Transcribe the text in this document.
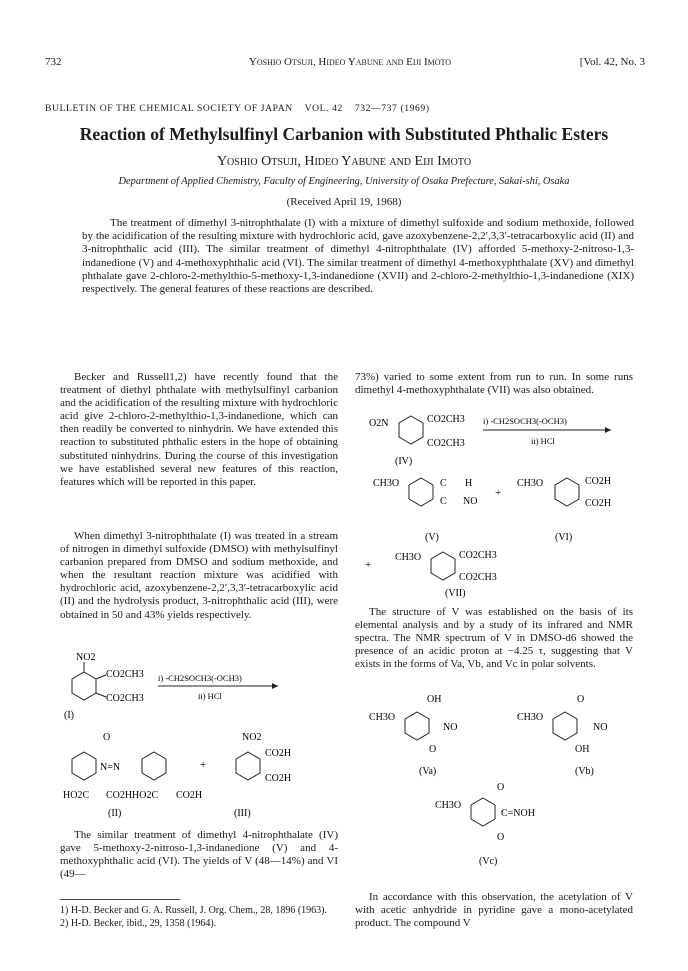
732	Yoshio Otsuji, Hideo Yabune and Eiji Imoto	[Vol. 42, No. 3
BULLETIN OF THE CHEMICAL SOCIETY OF JAPAN    VOL. 42    732—737 (1969)
Reaction of Methylsulfinyl Carbanion with Substituted Phthalic Esters
Yoshio Otsuji, Hideo Yabune and Eiji Imoto
Department of Applied Chemistry, Faculty of Engineering, University of Osaka Prefecture, Sakai-shi, Osaka
(Received April 19, 1968)

The treatment of dimethyl 3-nitrophthalate (I) with a mixture of dimethyl sulfoxide and sodium methoxide, followed by the acidification of the resulting mixture with hydrochloric acid, gave azoxybenzene-2,2′,3,3′-tetracarboxylic acid (II) and 3-nitrophthalic acid (III). The similar treatment of dimethyl 4-nitrophthalate (IV) afforded 5-methoxy-2-nitroso-1,3-indanedione (V) and 4-methoxyphthalic acid (VI). The similar treatment of dimethyl 4-methoxyphthalate (XV) and dimethyl phthalate gave 2-chloro-2-methylthio-5-methoxy-1,3-indanedione (XVII) and 2-chloro-2-methylthio-1,3-indanedione (XIX) respectively. The general features of these reactions are described.

Becker and Russell1,2) have recently found that the treatment of diethyl phthalate with methylsulfinyl carbanion and the acidification of the resulting mixture with hydrochloric acid give 2-chloro-2-methylthio-1,3-indanedione, which can then readily be converted to ninhydrin. We have extended this reaction to substituted phthalic esters in the hope of obtaining substituted ninhydrins. During the course of this investigation we have established several new features of this reaction, features which will be reported in this paper.

When dimethyl 3-nitrophthalate (I) was treated in a stream of nitrogen in dimethyl sulfoxide (DMSO) with methylsulfinyl carbanion prepared from DMSO and sodium methoxide, and when the resultant reaction mixture was acidified with hydrochloric acid, azoxybenzene-2,2′,3,3′-tetracarboxylic acid (II) and the hydrolysis product, 3-nitrophthalic acid (III), were obtained in 50 and 43% yields respectively.

NO2
CO2CH3
CO2CH3
i) -CH2SOCH3(-OCH3)
ii) HCl
(I)
N=N
O
HO2C CO2H HO2C CO2H
+
NO2
CO2H
CO2H
(II)	(III)

The similar treatment of dimethyl 4-nitrophthalate (IV) gave 5-methoxy-2-nitroso-1,3-indanedione (V) and 4-methoxyphthalic acid (VI). The yields of V (48—14%) and VI (49—

1) H-D. Becker and G. A. Russell, J. Org. Chem., 28, 1896 (1963).
2) H-D. Becker, ibid., 29, 1358 (1964).

73%) varied to some extent from run to run. In some runs dimethyl 4-methoxyphthalate (VII) was also obtained.

O2N	CO2CH3
CO2CH3
i) -CH2SOCH3(-OCH3)
ii) HCl
(IV)
CH3O	C
C
H
NO
+
CH3O	CO2H
CO2H
(V)	(VI)
+
CH3O	CO2CH3
CO2CH3
(VII)

The structure of V was established on the basis of its elemental analysis and by a study of its infrared and NMR spectra. The NMR spectrum of V in DMSO-d6 showed the presence of an acidic proton at −4.25 τ, suggesting that V exists in the forms of Va, Vb, and Vc in polar solvents.

OH
CH3O
NO
O
(Va)
O
CH3O
NO
OH
(Vb)
O
CH3O
C=NOH
O
(Vc)

In accordance with this observation, the acetylation of V with acetic anhydride in pyridine gave a mono-acetylated product. The compound V
